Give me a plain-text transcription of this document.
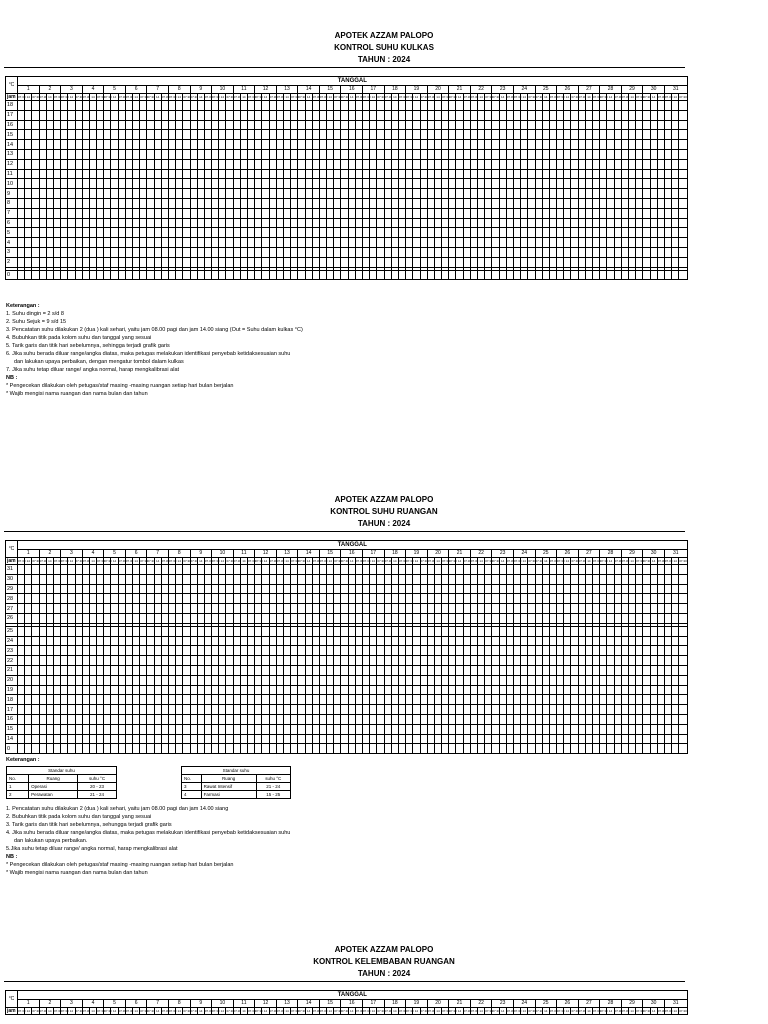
APOTEK AZZAM PALOPO
KONTROL SUHU KULKAS
TAHUN : 2024
°C	TANGGAL
1	2	3	4	5	6	7	8	9	10	11	12	13	14	15	16	17	18	19	20	21	22	23	24	25	26	27	28	29	30	31
jam	07.30	14	07.30	07.30	14	07.30	07.30	14	07.30	07.30	14	07.30	07.30	14	07.30	07.30	14	07.30	07.30	14	07.30	07.30	14	07.30	07.30	14	07.30	07.30	14	07.30	07.30	14	07.30	07.30	14	07.30	07.30	14	07.30	07.30	14	07.30	07.30	14	07.30	07.30	14	07.30	07.30	14	07.30	07.30	14	07.30	07.30	14	07.30	07.30	14	07.30	07.30	14	07.30	07.30	14	07.30	07.30	14	07.30	07.30	14	07.30	07.30	14	07.30	07.30	14	07.30	07.30	14	07.30	07.30	14	07.30	07.30	14	07.30	07.30	14	07.30	07.30	14	07.30
18																																																																																													
17																																																																																													
16																																																																																													
15																																																																																													
14																																																																																													
13																																																																																													
12																																																																																													
11																																																																																													
10																																																																																													
9																																																																																													
8																																																																																													
7																																																																																													
6																																																																																													
5																																																																																													
4																																																																																													
3																																																																																													
2																																																																																													

0																																																																																													
Keterangan :
1. Suhu dingin = 2 s/d 8
2. Suhu Sejuk = 9 s/d 15
3. Pencatatan suhu dilakukan 2 (dua ) kali sehari, yaitu jam 08.00 pagi dan jam 14.00 siang (Out = Suhu dalam kulkas °C)
4. Bubuhkan titik pada kolom suhu dan tanggal yang sesuai
5. Tarik garis dan titik hari sebelumnya, sehingga terjadi grafik garis
6. Jika suhu berada diluar range/angka diatas, maka petugas melakukan identifikasi penyebab ketidaksesuaian suhu
dan lakukan upaya perbaikan, dengan mengatur tombol dalam kulkas
7. Jika suhu tetap diluar range/ angka normal, harap mengkalibrasi alat
NB :
* Pengecekan dilakukan oleh petugas/staf masing -masing ruangan setiap hari bulan berjalan
* Wajib mengisi nama ruangan dan nama bulan dan tahun
APOTEK AZZAM PALOPO
KONTROL SUHU RUANGAN
TAHUN : 2024
°C	TANGGAL
1	2	3	4	5	6	7	8	9	10	11	12	13	14	15	16	17	18	19	20	21	22	23	24	25	26	27	28	29	30	31
jam	07.30	14	07.30	07.30	14	07.30	07.30	14	07.30	07.30	14	07.30	07.30	14	07.30	07.30	14	07.30	07.30	14	07.30	07.30	14	07.30	07.30	14	07.30	07.30	14	07.30	07.30	14	07.30	07.30	14	07.30	07.30	14	07.30	07.30	14	07.30	07.30	14	07.30	07.30	14	07.30	07.30	14	07.30	07.30	14	07.30	07.30	14	07.30	07.30	14	07.30	07.30	14	07.30	07.30	14	07.30	07.30	14	07.30	07.30	14	07.30	07.30	14	07.30	07.30	14	07.30	07.30	14	07.30	07.30	14	07.30	07.30	14	07.30	07.30	14	07.30	07.30	14	07.30
31																																																																																													
30																																																																																													
29																																																																																													
28																																																																																													
27																																																																																													
26																																																																																													

25																																																																																													
24																																																																																													
23																																																																																													
22																																																																																													
21																																																																																													
20																																																																																													
19																																																																																													
18																																																																																													
17																																																																																													
16																																																																																													
15																																																																																													
14																																																																																													
0																																																																																													
Keterangan :
Standar suhu		
No.	Ruang	suhu °C
1	Operasi	20 - 23
2	Perawatan	21 - 24
Standar suhu		
No.	Ruang	suhu °C
3	Rawat Intensif	21 - 24
4	Farmasi	15 - 25
1. Pencatatan suhu dilakukan 2 (dua ) kali sehari, yaitu jam 08.00 pagi dan jam 14.00 siang
2. Bubuhkan titik pada kolom suhu dan tanggal yang sesuai
3. Tarik garis dan titik hari sebelumnya, sehungga terjadi grafik garis
4. Jika suhu berada diluar range/angka diatas, maka petugas melakukan identifikasi penyebab ketidaksesuaian suhu
dan lakukan upaya perbaikan.
5.Jika suhu tetap diluar range/ angka normal, harap mengkalibrasi alat
NB :
* Pengecekan dilakukan oleh petugas/staf masing -masing ruangan setiap hari bulan berjalan
* Wajib mengisi nama ruangan dan nama bulan dan tahun
APOTEK AZZAM PALOPO
KONTROL KELEMBABAN RUANGAN
TAHUN : 2024
°C	TANGGAL
1	2	3	4	5	6	7	8	9	10	11	12	13	14	15	16	17	18	19	20	21	22	23	24	25	26	27	28	29	30	31
jam	07.30	14	07.30	07.30	14	07.30	07.30	14	07.30	07.30	14	07.30	07.30	14	07.30	07.30	14	07.30	07.30	14	07.30	07.30	14	07.30	07.30	14	07.30	07.30	14	07.30	07.30	14	07.30	07.30	14	07.30	07.30	14	07.30	07.30	14	07.30	07.30	14	07.30	07.30	14	07.30	07.30	14	07.30	07.30	14	07.30	07.30	14	07.30	07.30	14	07.30	07.30	14	07.30	07.30	14	07.30	07.30	14	07.30	07.30	14	07.30	07.30	14	07.30	07.30	14	07.30	07.30	14	07.30	07.30	14	07.30	07.30	14	07.30	07.30	14	07.30	07.30	14	07.30
